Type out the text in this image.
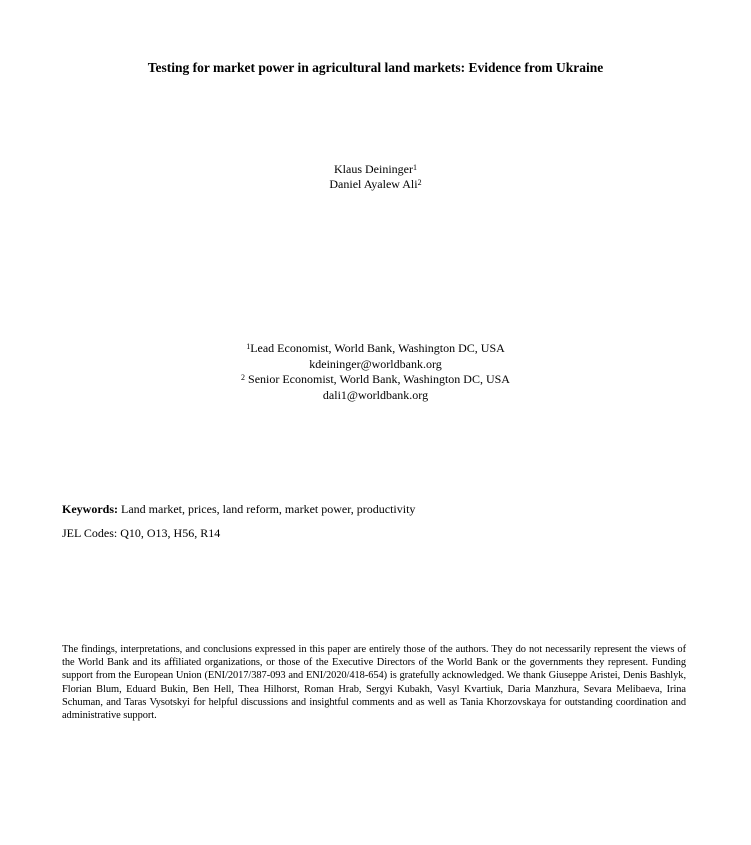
Testing for market power in agricultural land markets: Evidence from Ukraine
Klaus Deininger$^1$
Daniel Ayalew Ali$^2$
$^1$Lead Economist, World Bank, Washington DC, USA
kdeininger@worldbank.org
$^2$ Senior Economist, World Bank, Washington DC, USA
dali1@worldbank.org
Keywords: Land market, prices, land reform, market power, productivity
JEL Codes: Q10, O13, H56, R14
The findings, interpretations, and conclusions expressed in this paper are entirely those of the authors. They do not necessarily represent the views of the World Bank and its affiliated organizations, or those of the Executive Directors of the World Bank or the governments they represent. Funding support from the European Union (ENI/2017/387-093 and ENI/2020/418-654) is gratefully acknowledged. We thank Giuseppe Aristei, Denis Bashlyk, Florian Blum, Eduard Bukin, Ben Hell, Thea Hilhorst, Roman Hrab, Sergyi Kubakh, Vasyl Kvartiuk, Daria Manzhura, Sevara Melibaeva, Irina Schuman, and Taras Vysotskyi for helpful discussions and insightful comments and as well as Tania Khorzovskaya for outstanding coordination and administrative support.
